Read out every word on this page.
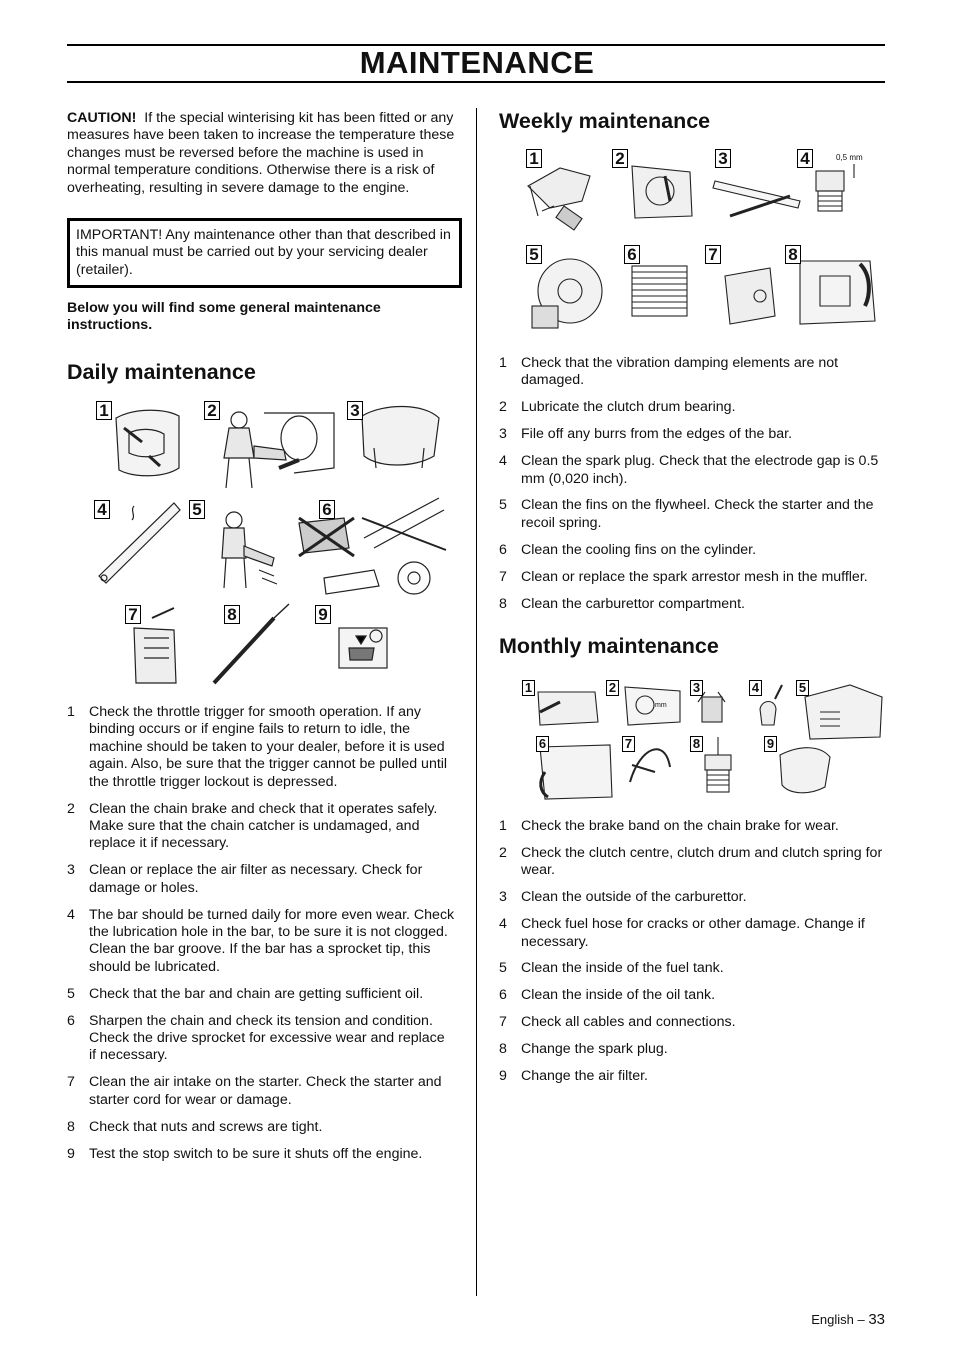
MAINTENANCE
CAUTION! If the special winterising kit has been fitted or any measures have been taken to increase the temperature these changes must be reversed before the machine is used in normal temperature conditions. Otherwise there is a risk of overheating, resulting in severe damage to the engine.
IMPORTANT! Any maintenance other than that described in this manual must be carried out by your servicing dealer (retailer).
Below you will find some general maintenance instructions.
Daily maintenance
1	2	3
4	5	6
7	8	9
1 Check the throttle trigger for smooth operation. If any binding occurs or if engine fails to return to idle, the machine should be taken to your dealer, before it is used again. Also, be sure that the trigger cannot be pulled until the throttle trigger lockout is depressed.
2 Clean the chain brake and check that it operates safely. Make sure that the chain catcher is undamaged, and replace it if necessary.
3 Clean or replace the air filter as necessary. Check for damage or holes.
4 The bar should be turned daily for more even wear. Check the lubrication hole in the bar, to be sure it is not clogged. Clean the bar groove. If the bar has a sprocket tip, this should be lubricated.
5 Check that the bar and chain are getting sufficient oil.
6 Sharpen the chain and check its tension and condition. Check the drive sprocket for excessive wear and replace if necessary.
7 Clean the air intake on the starter. Check the starter and starter cord for wear or damage.
8 Check that nuts and screws are tight.
9 Test the stop switch to be sure it shuts off the engine.
Weekly maintenance
1	2	3	4	0,5 mm
5	6	7	8
1 Check that the vibration damping elements are not damaged.
2 Lubricate the clutch drum bearing.
3 File off any burrs from the edges of the bar.
4 Clean the spark plug. Check that the electrode gap is 0.5 mm (0,020 inch).
5 Clean the fins on the flywheel. Check the starter and the recoil spring.
6 Clean the cooling fins on the cylinder.
7 Clean or replace the spark arrestor mesh in the muffler.
8 Clean the carburettor compartment.
Monthly maintenance
1	2	3	4	5
mm
6	7	8	9
1 Check the brake band on the chain brake for wear.
2 Check the clutch centre, clutch drum and clutch spring for wear.
3 Clean the outside of the carburettor.
4 Check fuel hose for cracks or other damage. Change if necessary.
5 Clean the inside of the fuel tank.
6 Clean the inside of the oil tank.
7 Check all cables and connections.
8 Change the spark plug.
9 Change the air filter.
English – 33
